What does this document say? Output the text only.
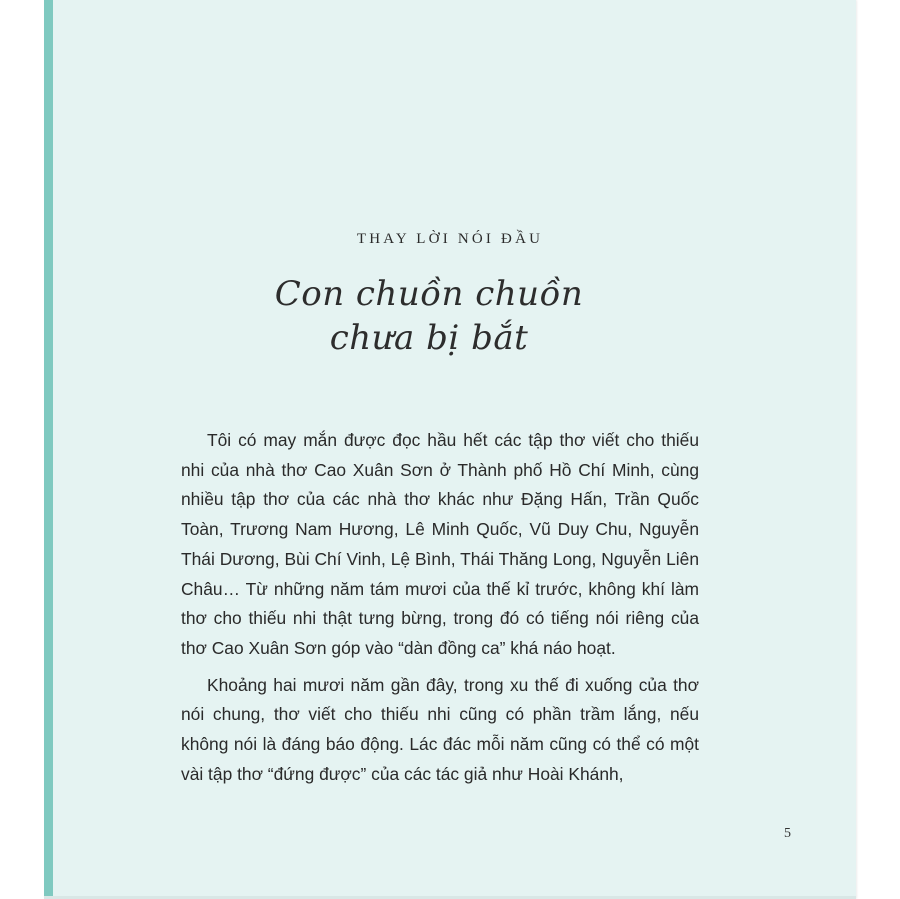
THAY LỜI NÓI ĐẦU
Con chuồn chuồn
chưa bị bắt

Tôi có may mắn được đọc hầu hết các tập thơ viết cho thiếu nhi của nhà thơ Cao Xuân Sơn ở Thành phố Hồ Chí Minh, cùng nhiều tập thơ của các nhà thơ khác như Đặng Hấn, Trần Quốc Toàn, Trương Nam Hương, Lê Minh Quốc, Vũ Duy Chu, Nguyễn Thái Dương, Bùi Chí Vinh, Lệ Bình, Thái Thăng Long, Nguyễn Liên Châu… Từ những năm tám mươi của thế kỉ trước, không khí làm thơ cho thiếu nhi thật tưng bừng, trong đó có tiếng nói riêng của thơ Cao Xuân Sơn góp vào “dàn đồng ca” khá náo hoạt.

Khoảng hai mươi năm gần đây, trong xu thế đi xuống của thơ nói chung, thơ viết cho thiếu nhi cũng có phần trầm lắng, nếu không nói là đáng báo động. Lác đác mỗi năm cũng có thể có một vài tập thơ “đứng được” của các tác giả như Hoài Khánh,

5
